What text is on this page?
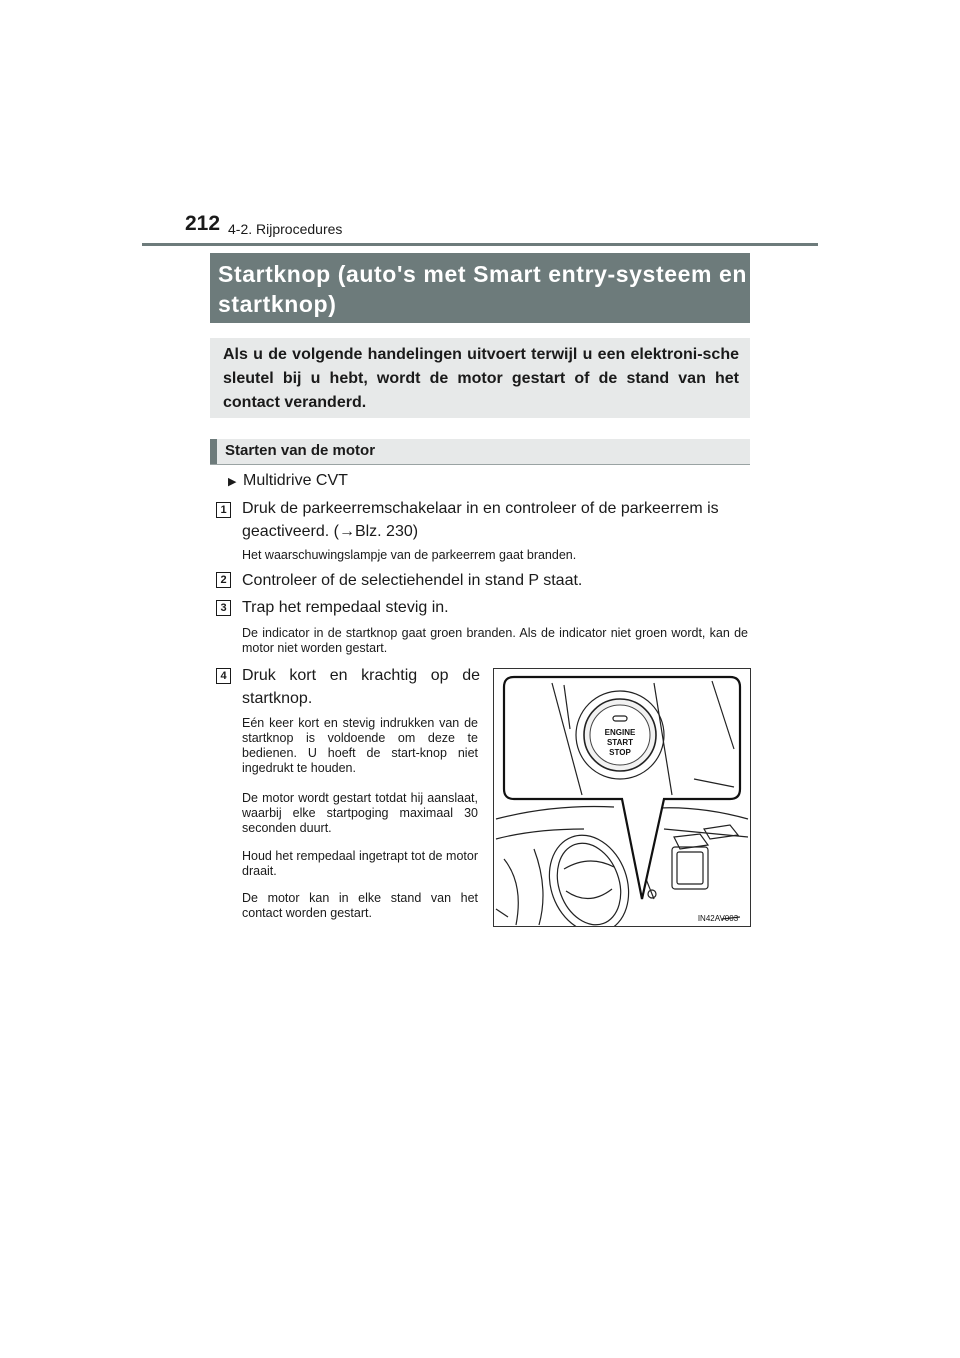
212 4-2. Rijprocedures
Startknop (auto's met Smart entry-systeem en startknop)
Als u de volgende handelingen uitvoert terwijl u een elektroni-sche sleutel bij u hebt, wordt de motor gestart of de stand van het contact veranderd.
Starten van de motor
▶ Multidrive CVT
1 Druk de parkeerremschakelaar in en controleer of de parkeerrem is geactiveerd. (→Blz. 230)
Het waarschuwingslampje van de parkeerrem gaat branden.
2 Controleer of de selectiehendel in stand P staat.
3 Trap het rempedaal stevig in.
De indicator in de startknop gaat groen branden. Als de indicator niet groen wordt, kan de motor niet worden gestart.
4 Druk kort en krachtig op de startknop.
Eén keer kort en stevig indrukken van de startknop is voldoende om deze te bedienen. U hoeft de start-knop niet ingedrukt te houden.
De motor wordt gestart totdat hij aanslaat, waarbij elke startpoging maximaal 30 seconden duurt.
Houd het rempedaal ingetrapt tot de motor draait.
De motor kan in elke stand van het contact worden gestart.
ENGINE
START
STOP
IN42AV003
